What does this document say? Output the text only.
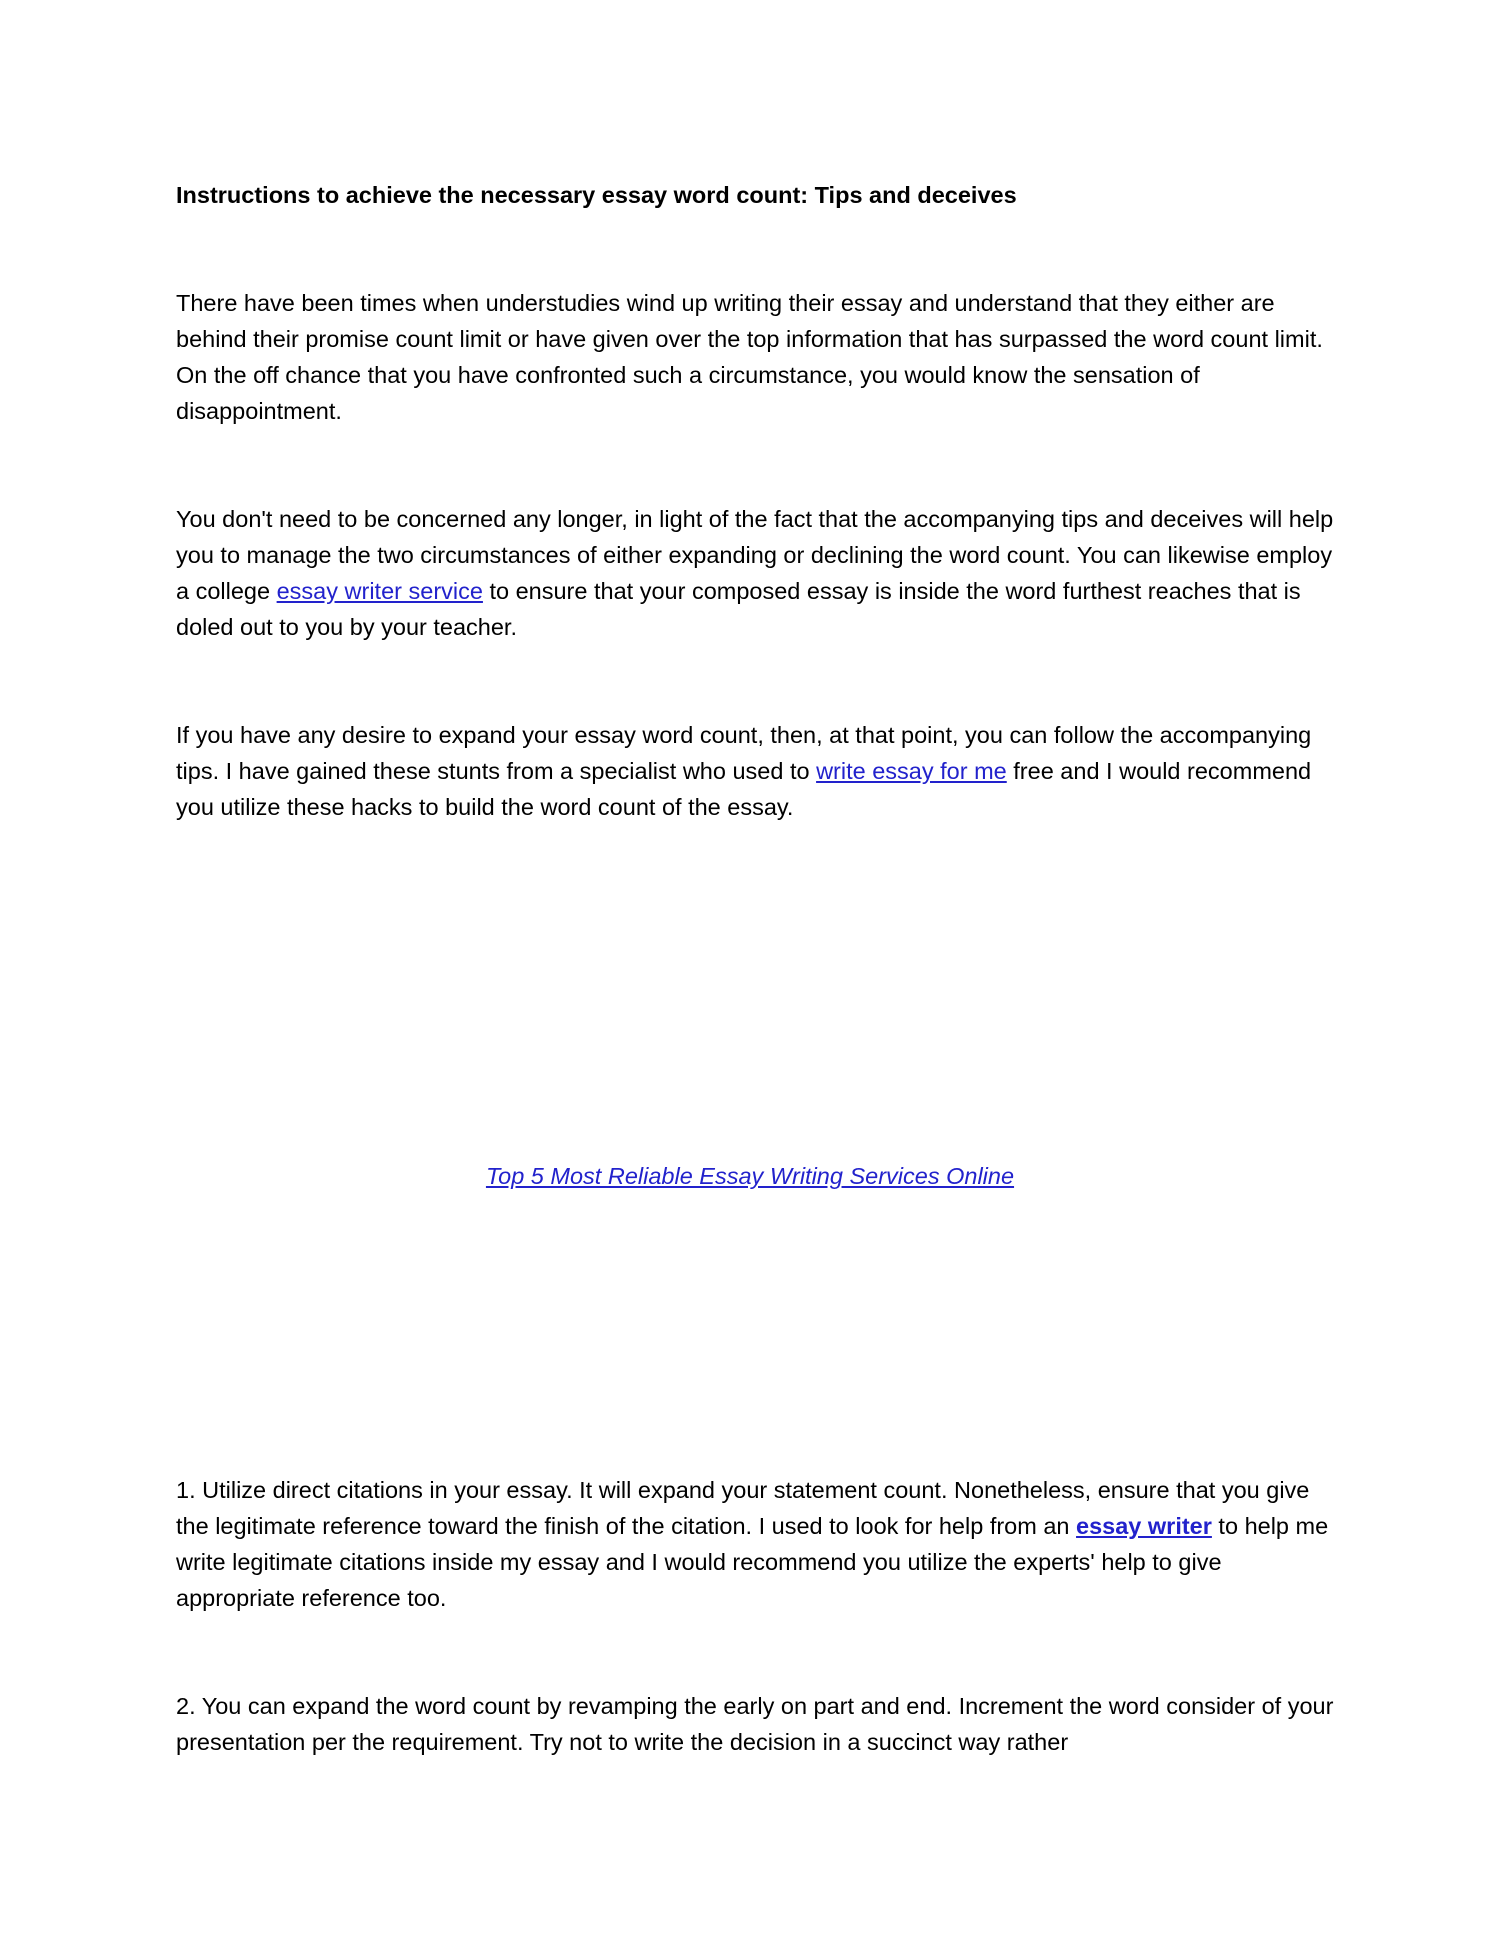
Instructions to achieve the necessary essay word count: Tips and deceives

There have been times when understudies wind up writing their essay and understand that they either are behind their promise count limit or have given over the top information that has surpassed the word count limit. On the off chance that you have confronted such a circumstance, you would know the sensation of disappointment.

You don't need to be concerned any longer, in light of the fact that the accompanying tips and deceives will help you to manage the two circumstances of either expanding or declining the word count. You can likewise employ a college essay writer service to ensure that your composed essay is inside the word furthest reaches that is doled out to you by your teacher.

If you have any desire to expand your essay word count, then, at that point, you can follow the accompanying tips. I have gained these stunts from a specialist who used to write essay for me free and I would recommend you utilize these hacks to build the word count of the essay.

Top 5 Most Reliable Essay Writing Services Online

1. Utilize direct citations in your essay. It will expand your statement count. Nonetheless, ensure that you give the legitimate reference toward the finish of the citation. I used to look for help from an essay writer to help me write legitimate citations inside my essay and I would recommend you utilize the experts' help to give appropriate reference too.

2. You can expand the word count by revamping the early on part and end. Increment the word consider of your presentation per the requirement. Try not to write the decision in a succinct way rather
